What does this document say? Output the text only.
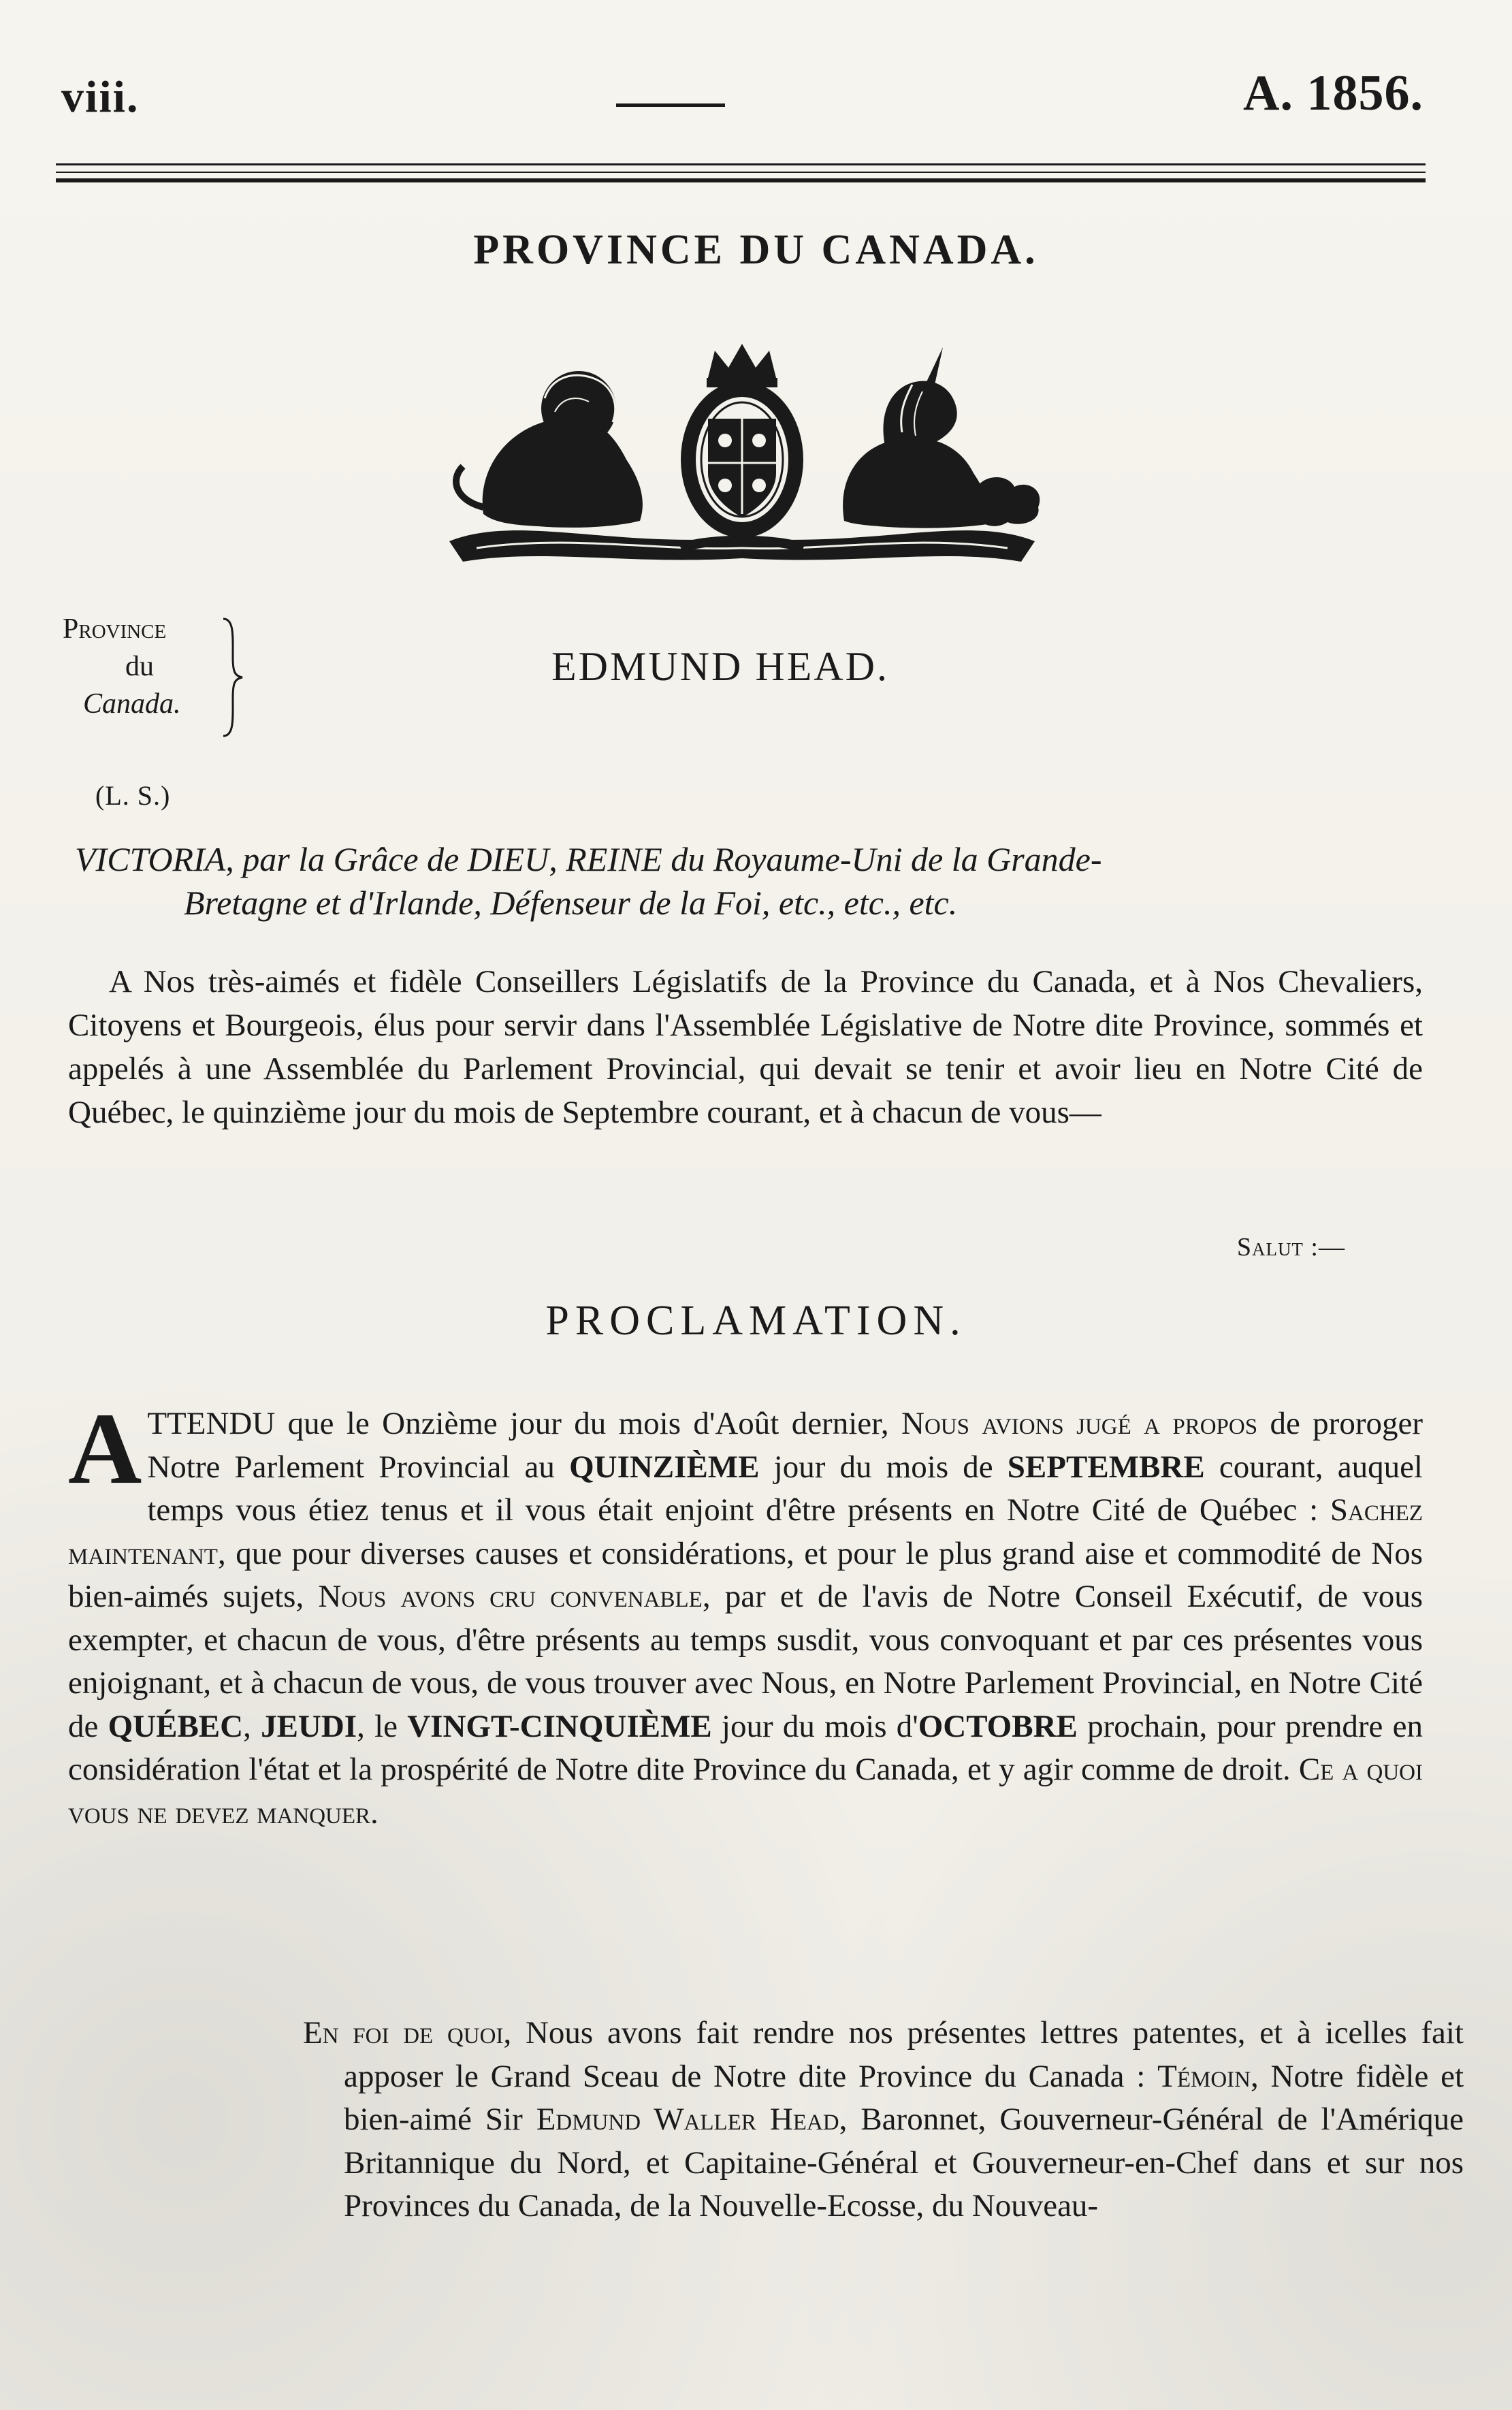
viii.	A. 1856.
PROVINCE DU CANADA.
Province
du
Canada.
EDMUND HEAD.
(L. S.)
VICTORIA, par la Grâce de DIEU, REINE du Royaume-Uni de la Grande-
Bretagne et d'Irlande, Défenseur de la Foi, etc., etc., etc.
A Nos très-aimés et fidèle Conseillers Législatifs de la Province du Canada, et à Nos Chevaliers, Citoyens et Bourgeois, élus pour servir dans l'Assemblée Législative de Notre dite Province, sommés et appelés à une Assemblée du Parlement Provincial, qui devait se tenir et avoir lieu en Notre Cité de Québec, le quinzième jour du mois de Septembre courant, et à chacun de vous—
Salut :—
PROCLAMATION.
ATTENDU que le Onzième jour du mois d'Août dernier, Nous avions jugé a propos de proroger Notre Parlement Provincial au QUINZIÈME jour du mois de SEPTEMBRE courant, auquel temps vous étiez tenus et il vous était enjoint d'être présents en Notre Cité de Québec : Sachez maintenant, que pour diverses causes et considérations, et pour le plus grand aise et commodité de Nos bien-aimés sujets, Nous avons cru convenable, par et de l'avis de Notre Conseil Exécutif, de vous exempter, et chacun de vous, d'être présents au temps susdit, vous convoquant et par ces présentes vous enjoignant, et à chacun de vous, de vous trouver avec Nous, en Notre Parlement Provincial, en Notre Cité de QUÉBEC, JEUDI, le VINGT-CINQUIÈME jour du mois d'OCTOBRE prochain, pour prendre en considération l'état et la prospérité de Notre dite Province du Canada, et y agir comme de droit. Ce a quoi vous ne devez manquer.
En foi de quoi, Nous avons fait rendre nos présentes lettres patentes, et à icelles fait apposer le Grand Sceau de Notre dite Province du Canada : Témoin, Notre fidèle et bien-aimé Sir Edmund Waller Head, Baronnet, Gouverneur-Général de l'Amérique Britannique du Nord, et Capitaine-Général et Gouverneur-en-Chef dans et sur nos Provinces du Canada, de la Nouvelle-Ecosse, du Nouveau-
